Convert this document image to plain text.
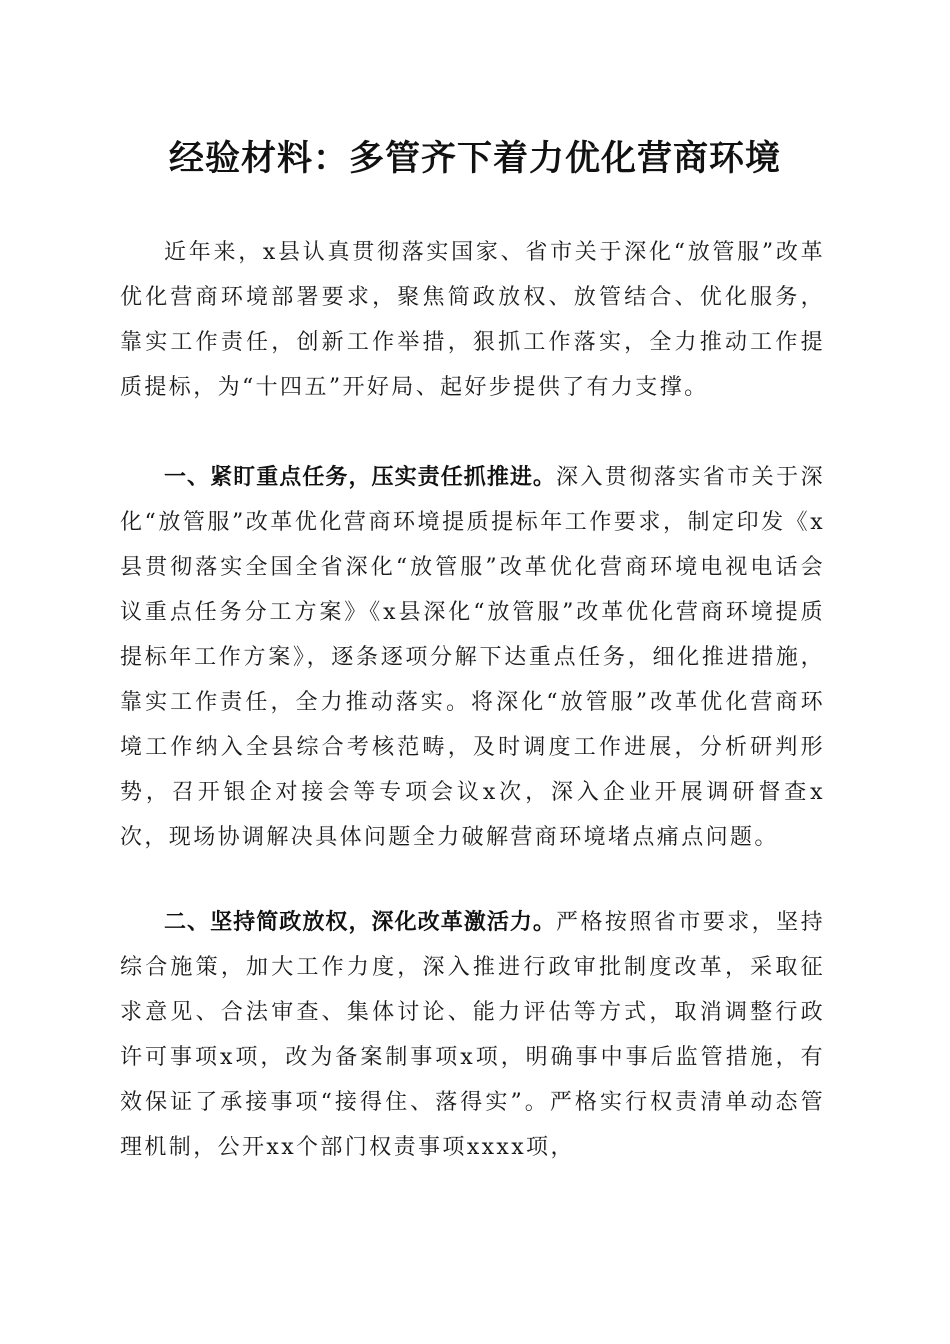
经验材料：多管齐下着力优化营商环境

近年来，x县认真贯彻落实国家、省市关于深化“放管服”改革优化营商环境部署要求，聚焦简政放权、放管结合、优化服务，靠实工作责任，创新工作举措，狠抓工作落实，全力推动工作提质提标，为“十四五”开好局、起好步提供了有力支撑。

一、紧盯重点任务，压实责任抓推进。深入贯彻落实省市关于深化“放管服”改革优化营商环境提质提标年工作要求，制定印发《x县贯彻落实全国全省深化“放管服”改革优化营商环境电视电话会议重点任务分工方案》《x县深化“放管服”改革优化营商环境提质提标年工作方案》，逐条逐项分解下达重点任务，细化推进措施，靠实工作责任，全力推动落实。将深化“放管服”改革优化营商环境工作纳入全县综合考核范畴，及时调度工作进展，分析研判形势，召开银企对接会等专项会议x次，深入企业开展调研督查x次，现场协调解决具体问题全力破解营商环境堵点痛点问题。

二、坚持简政放权，深化改革激活力。严格按照省市要求，坚持综合施策，加大工作力度，深入推进行政审批制度改革，采取征求意见、合法审查、集体讨论、能力评估等方式，取消调整行政许可事项x项，改为备案制事项x项，明确事中事后监管措施，有效保证了承接事项“接得住、落得实”。严格实行权责清单动态管理机制，公开xx个部门权责事项xxxx项，
